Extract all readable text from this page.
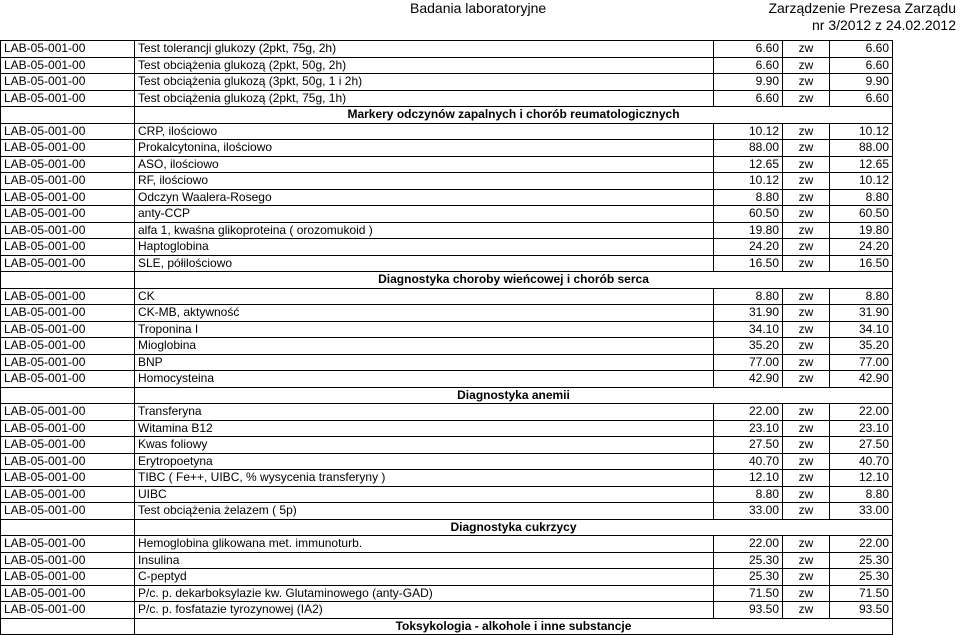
Badania laboratoryjne	Zarządzenie Prezesa Zarządu
nr 3/2012 z 24.02.2012
LAB-05-001-00	Test tolerancji glukozy (2pkt, 75g, 2h)	6.60	zw	6.60
LAB-05-001-00	Test obciążenia glukozą (2pkt, 50g, 2h)	6.60	zw	6.60
LAB-05-001-00	Test obciążenia glukozą (3pkt, 50g, 1 i 2h)	9.90	zw	9.90
LAB-05-001-00	Test obciążenia glukozą (2pkt, 75g, 1h)	6.60	zw	6.60
	Markery odczynów zapalnych i chorób reumatologicznych			
LAB-05-001-00	CRP, ilościowo	10.12	zw	10.12
LAB-05-001-00	Prokalcytonina, ilościowo	88.00	zw	88.00
LAB-05-001-00	ASO, ilościowo	12.65	zw	12.65
LAB-05-001-00	RF, ilościowo	10.12	zw	10.12
LAB-05-001-00	Odczyn Waalera-Rosego	8.80	zw	8.80
LAB-05-001-00	anty-CCP	60.50	zw	60.50
LAB-05-001-00	alfa 1, kwaśna glikoproteina ( orozomukoid )	19.80	zw	19.80
LAB-05-001-00	Haptoglobina	24.20	zw	24.20
LAB-05-001-00	SLE, półilościowo	16.50	zw	16.50
	Diagnostyka choroby wieńcowej i chorób serca			
LAB-05-001-00	CK	8.80	zw	8.80
LAB-05-001-00	CK-MB, aktywność	31.90	zw	31.90
LAB-05-001-00	Troponina I	34.10	zw	34.10
LAB-05-001-00	Mioglobina	35.20	zw	35.20
LAB-05-001-00	BNP	77.00	zw	77.00
LAB-05-001-00	Homocysteina	42.90	zw	42.90
	Diagnostyka anemii			
LAB-05-001-00	Transferyna	22.00	zw	22.00
LAB-05-001-00	Witamina B12	23.10	zw	23.10
LAB-05-001-00	Kwas foliowy	27.50	zw	27.50
LAB-05-001-00	Erytropoetyna	40.70	zw	40.70
LAB-05-001-00	TIBC ( Fe++, UIBC, % wysycenia transferyny )	12.10	zw	12.10
LAB-05-001-00	UIBC	8.80	zw	8.80
LAB-05-001-00	Test obciążenia żelazem ( 5p)	33.00	zw	33.00
	Diagnostyka cukrzycy			
LAB-05-001-00	Hemoglobina glikowana met. immunoturb.	22.00	zw	22.00
LAB-05-001-00	Insulina	25.30	zw	25.30
LAB-05-001-00	C-peptyd	25.30	zw	25.30
LAB-05-001-00	P/c. p. dekarboksylazie kw. Glutaminowego (anty-GAD)	71.50	zw	71.50
LAB-05-001-00	P/c. p. fosfatazie tyrozynowej (IA2)	93.50	zw	93.50
	Toksykologia - alkohole i inne substancje			
